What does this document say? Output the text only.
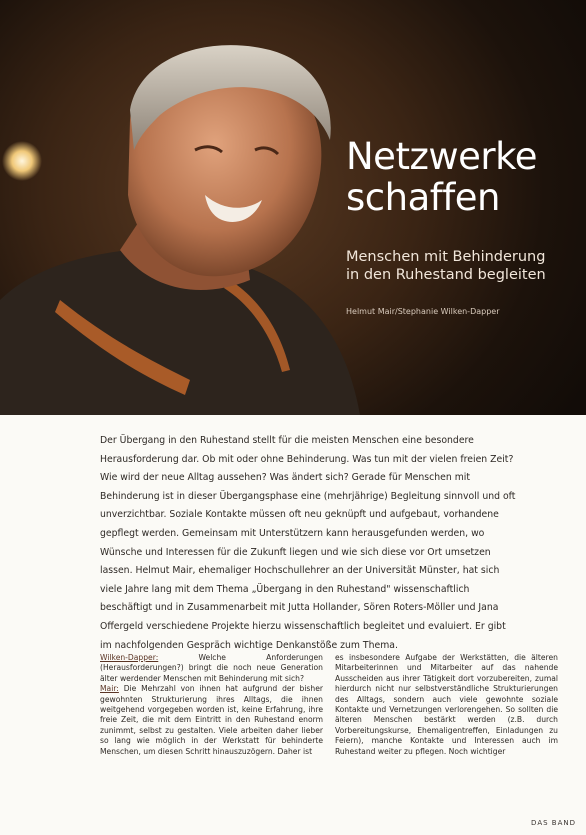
Netzwerke
schaffen

Menschen mit Behinderung
in den Ruhestand begleiten

Helmut Mair/Stephanie Wilken-Dapper

Der Übergang in den Ruhestand stellt für die meisten Menschen eine besondere Herausforderung dar. Ob mit oder ohne Behinderung. Was tun mit der vielen freien Zeit? Wie wird der neue Alltag aussehen? Was ändert sich? Gerade für Menschen mit Behinderung ist in dieser Übergangsphase eine (mehrjährige) Begleitung sinnvoll und oft unverzichtbar. Soziale Kontakte müssen oft neu geknüpft und aufgebaut, vorhandene gepflegt werden. Gemeinsam mit Unterstützern kann herausgefunden werden, wo Wünsche und Interessen für die Zukunft liegen und wie sich diese vor Ort umsetzen lassen. Helmut Mair, ehemaliger Hochschullehrer an der Universität Münster, hat sich viele Jahre lang mit dem Thema „Übergang in den Ruhestand" wissenschaftlich beschäftigt und in Zusammenarbeit mit Jutta Hollander, Sören Roters-Möller und Jana Offergeld verschiedene Projekte hierzu wissenschaftlich begleitet und evaluiert. Er gibt im nachfolgenden Gespräch wichtige Denkanstöße zum Thema.

Wilken-Dapper: Welche Anforderungen (Herausforderungen?) bringt die noch neue Generation älter werdender Menschen mit Behinderung mit sich?

Mair: Die Mehrzahl von ihnen hat aufgrund der bisher gewohnten Strukturierung ihres Alltags, die ihnen weitgehend vorgegeben worden ist, keine Erfahrung, ihre freie Zeit, die mit dem Eintritt in den Ruhestand enorm zunimmt, selbst zu gestalten. Viele arbeiten daher lieber so lang wie möglich in der Werkstatt für behinderte Menschen, um diesen Schritt hinauszuzögern. Daher ist

es insbesondere Aufgabe der Werkstätten, die älteren Mitarbeiterinnen und Mitarbeiter auf das nahende Ausscheiden aus ihrer Tätigkeit dort vorzubereiten, zumal hierdurch nicht nur selbstverständliche Strukturierungen des Alltags, sondern auch viele gewohnte soziale Kontakte und Vernetzungen verlorengehen. So sollten die älteren Menschen bestärkt werden (z.B. durch Vorbereitungskurse, Ehemaligentreffen, Einladungen zu Feiern), manche Kontakte und Interessen auch im Ruhestand weiter zu pflegen. Noch wichtiger

DAS BAND
